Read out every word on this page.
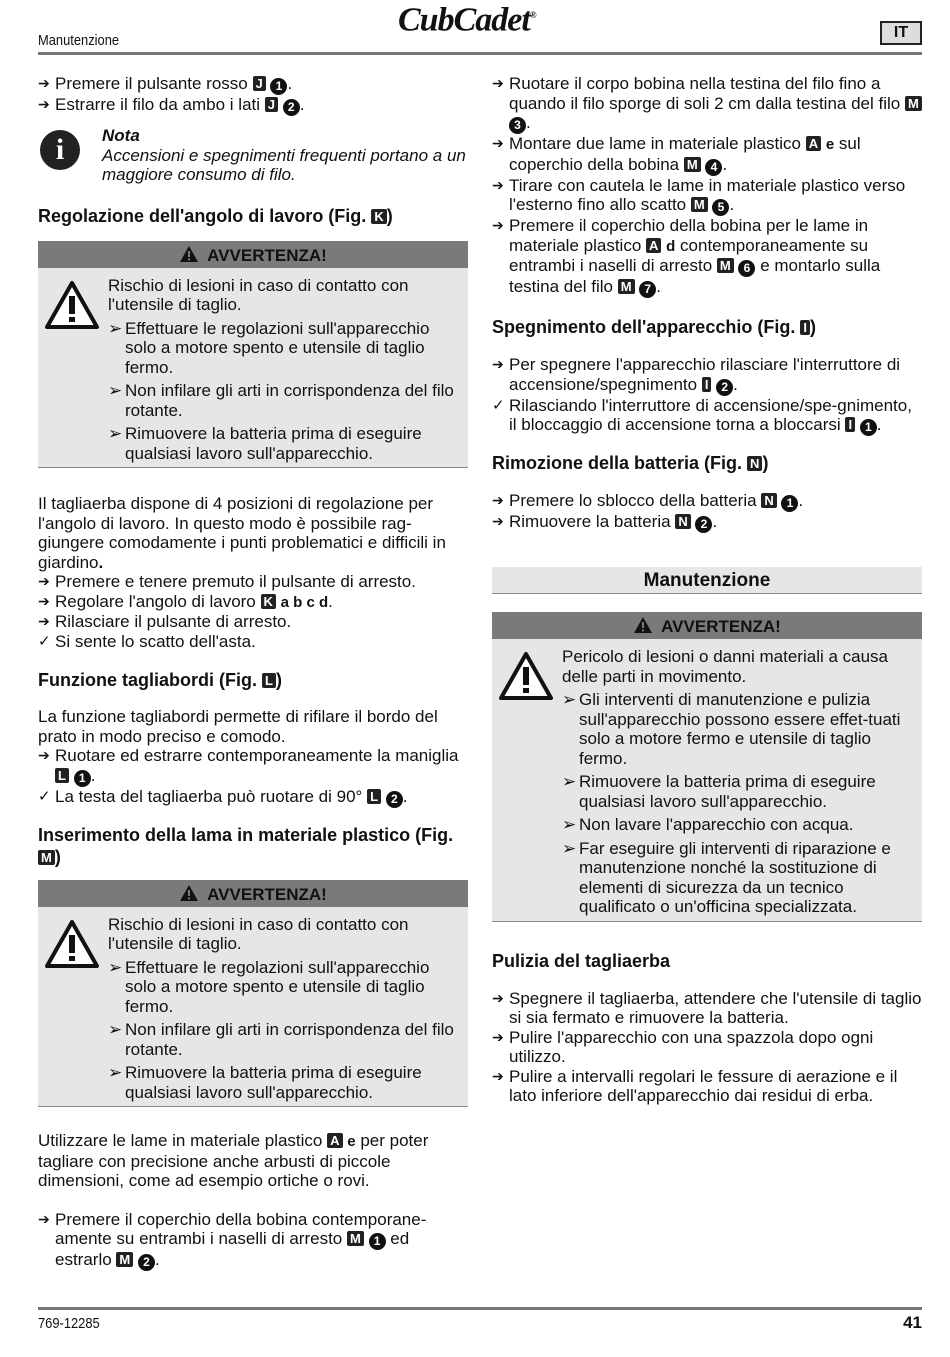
Manutenzione
CubCadet®
IT
➔ Premere il pulsante rosso J 1 .
➔ Estrarre il filo da ambo i lati J 2 .
i	Nota
Accensioni e spegnimenti frequenti portano a un maggiore consumo di filo.
Regolazione dell'angolo di lavoro (Fig. K )
AVVERTENZA!
Rischio di lesioni in caso di contatto con l'utensile di taglio.
➢ Effettuare le regolazioni sull'apparecchio solo a motore spento e utensile di taglio fermo.
➢ Non infilare gli arti in corrispondenza del filo rotante.
➢ Rimuovere la batteria prima di eseguire qualsiasi lavoro sull'apparecchio.
Il tagliaerba dispone di 4 posizioni di regolazione per l'angolo di lavoro. In questo modo è possibile rag-giungere comodamente i punti problematici e difficili in giardino.
➔ Premere e tenere premuto il pulsante di arresto.
➔ Regolare l'angolo di lavoro K a b c d.
➔ Rilasciare il pulsante di arresto.
✓ Si sente lo scatto dell'asta.
Funzione tagliabordi (Fig. L )
La funzione tagliabordi permette di rifilare il bordo del prato in modo preciso e comodo.
➔ Ruotare ed estrarre contemporaneamente la maniglia L 1 .
✓ La testa del tagliaerba può ruotare di 90° L 2 .
Inserimento della lama in materiale plastico (Fig. M )
AVVERTENZA!
Rischio di lesioni in caso di contatto con l'utensile di taglio.
➢ Effettuare le regolazioni sull'apparecchio solo a motore spento e utensile di taglio fermo.
➢ Non infilare gli arti in corrispondenza del filo rotante.
➢ Rimuovere la batteria prima di eseguire qualsiasi lavoro sull'apparecchio.
Utilizzare le lame in materiale plastico A e per poter tagliare con precisione anche arbusti di piccole dimensioni, come ad esempio ortiche o rovi.
➔ Premere il coperchio della bobina contemporane-amente su entrambi i naselli di arresto M 1 ed estrarlo M 2 .
➔ Ruotare il corpo bobina nella testina del filo fino a quando il filo sporge di soli 2 cm dalla testina del filo M 3 .
➔ Montare due lame in materiale plastico A e sul coperchio della bobina M 4 .
➔ Tirare con cautela le lame in materiale plastico verso l'esterno fino allo scatto M 5 .
➔ Premere il coperchio della bobina per le lame in materiale plastico A d contemporaneamente su entrambi i naselli di arresto M 6 e montarlo sulla testina del filo M 7 .
Spegnimento dell'apparecchio (Fig. I )
➔ Per spegnere l'apparecchio rilasciare l'interruttore di accensione/spegnimento I 2 .
✓ Rilasciando l'interruttore di accensione/spe-gnimento, il bloccaggio di accensione torna a bloccarsi I 1 .
Rimozione della batteria (Fig. N )
➔ Premere lo sblocco della batteria N 1 .
➔ Rimuovere la batteria N 2 .
Manutenzione
AVVERTENZA!
Pericolo di lesioni o danni materiali a causa delle parti in movimento.
➢ Gli interventi di manutenzione e pulizia sull'apparecchio possono essere effet-tuati solo a motore fermo e utensile di taglio fermo.
➢ Rimuovere la batteria prima di eseguire qualsiasi lavoro sull'apparecchio.
➢ Non lavare l'apparecchio con acqua.
➢ Far eseguire gli interventi di riparazione e manutenzione nonché la sostituzione di elementi di sicurezza da un tecnico qualificato o un'officina specializzata.
Pulizia del tagliaerba
➔ Spegnere il tagliaerba, attendere che l'utensile di taglio si sia fermato e rimuovere la batteria.
➔ Pulire l'apparecchio con una spazzola dopo ogni utilizzo.
➔ Pulire a intervalli regolari le fessure di aerazione e il lato inferiore dell'apparecchio dai residui di erba.
769-12285	41
